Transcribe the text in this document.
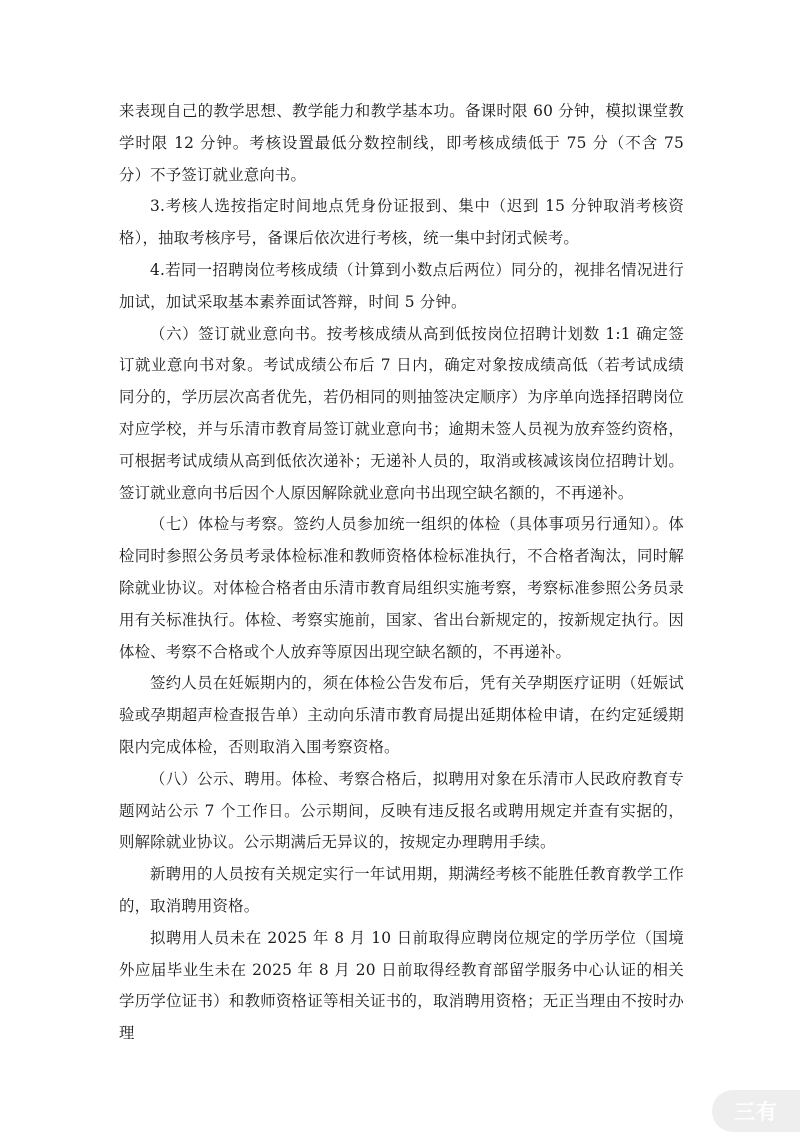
来表现自己的教学思想、教学能力和教学基本功。备课时限 60 分钟，模拟课堂教学时限 12 分钟。考核设置最低分数控制线，即考核成绩低于 75 分（不含 75 分）不予签订就业意向书。

3.考核人选按指定时间地点凭身份证报到、集中（迟到 15 分钟取消考核资格），抽取考核序号，备课后依次进行考核，统一集中封闭式候考。

4.若同一招聘岗位考核成绩（计算到小数点后两位）同分的，视排名情况进行加试，加试采取基本素养面试答辩，时间 5 分钟。

（六）签订就业意向书。按考核成绩从高到低按岗位招聘计划数 1:1 确定签订就业意向书对象。考试成绩公布后 7 日内，确定对象按成绩高低（若考试成绩同分的，学历层次高者优先，若仍相同的则抽签决定顺序）为序单向选择招聘岗位对应学校，并与乐清市教育局签订就业意向书；逾期未签人员视为放弃签约资格，可根据考试成绩从高到低依次递补；无递补人员的，取消或核减该岗位招聘计划。签订就业意向书后因个人原因解除就业意向书出现空缺名额的，不再递补。

（七）体检与考察。签约人员参加统一组织的体检（具体事项另行通知）。体检同时参照公务员考录体检标准和教师资格体检标准执行，不合格者淘汰，同时解除就业协议。对体检合格者由乐清市教育局组织实施考察，考察标准参照公务员录用有关标准执行。体检、考察实施前，国家、省出台新规定的，按新规定执行。因体检、考察不合格或个人放弃等原因出现空缺名额的，不再递补。

签约人员在妊娠期内的，须在体检公告发布后，凭有关孕期医疗证明（妊娠试验或孕期超声检查报告单）主动向乐清市教育局提出延期体检申请，在约定延缓期限内完成体检，否则取消入围考察资格。

（八）公示、聘用。体检、考察合格后，拟聘用对象在乐清市人民政府教育专题网站公示 7 个工作日。公示期间，反映有违反报名或聘用规定并查有实据的，则解除就业协议。公示期满后无异议的，按规定办理聘用手续。

新聘用的人员按有关规定实行一年试用期，期满经考核不能胜任教育教学工作的，取消聘用资格。

拟聘用人员未在 2025 年 8 月 10 日前取得应聘岗位规定的学历学位（国境外应届毕业生未在 2025 年 8 月 20 日前取得经教育部留学服务中心认证的相关学历学位证书）和教师资格证等相关证书的，取消聘用资格；无正当理由不按时办理

三有
